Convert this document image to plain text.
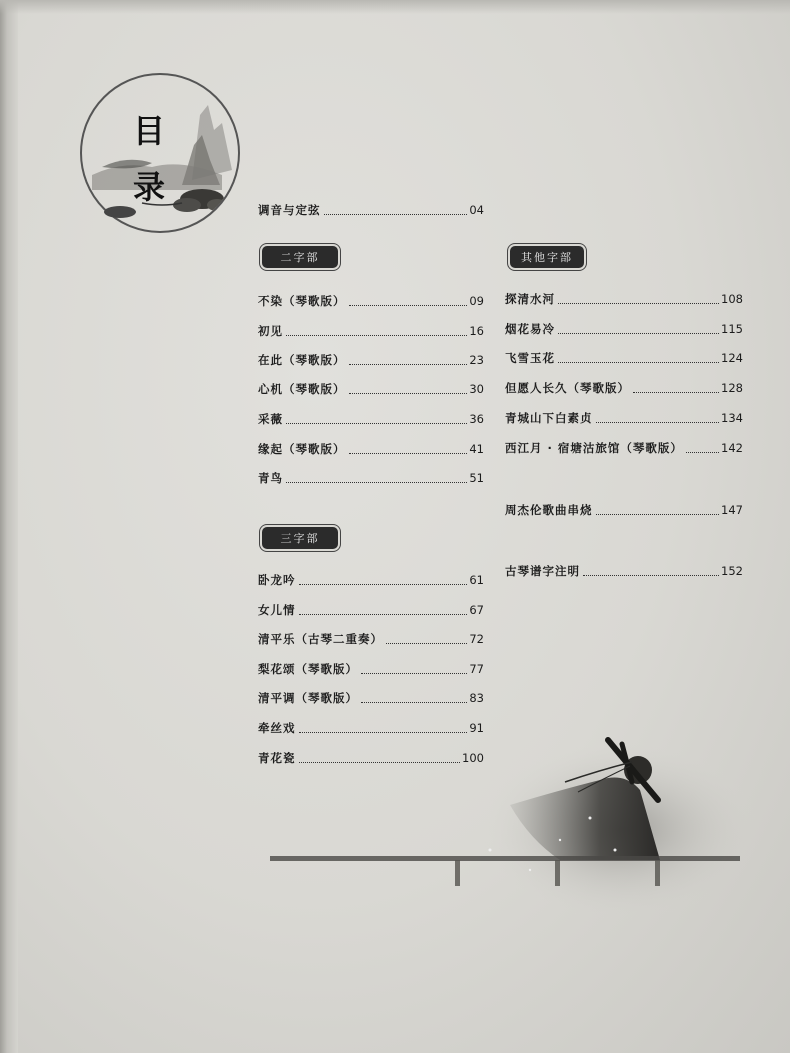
目
录
调音与定弦	04
二字部
不染（琴歌版）	09
初见	16
在此（琴歌版）	23
心机（琴歌版）	30
采薇	36
缘起（琴歌版）	41
青鸟	51
三字部
卧龙吟	61
女儿情	67
清平乐（古琴二重奏）	72
梨花颂（琴歌版）	77
清平调（琴歌版）	83
牵丝戏	91
青花瓷	100
其他字部
探清水河	108
烟花易冷	115
飞雪玉花	124
但愿人长久（琴歌版）	128
青城山下白素贞	134
西江月 · 宿塘沽旅馆（琴歌版）	142
周杰伦歌曲串烧	147
古琴谱字注明	152
